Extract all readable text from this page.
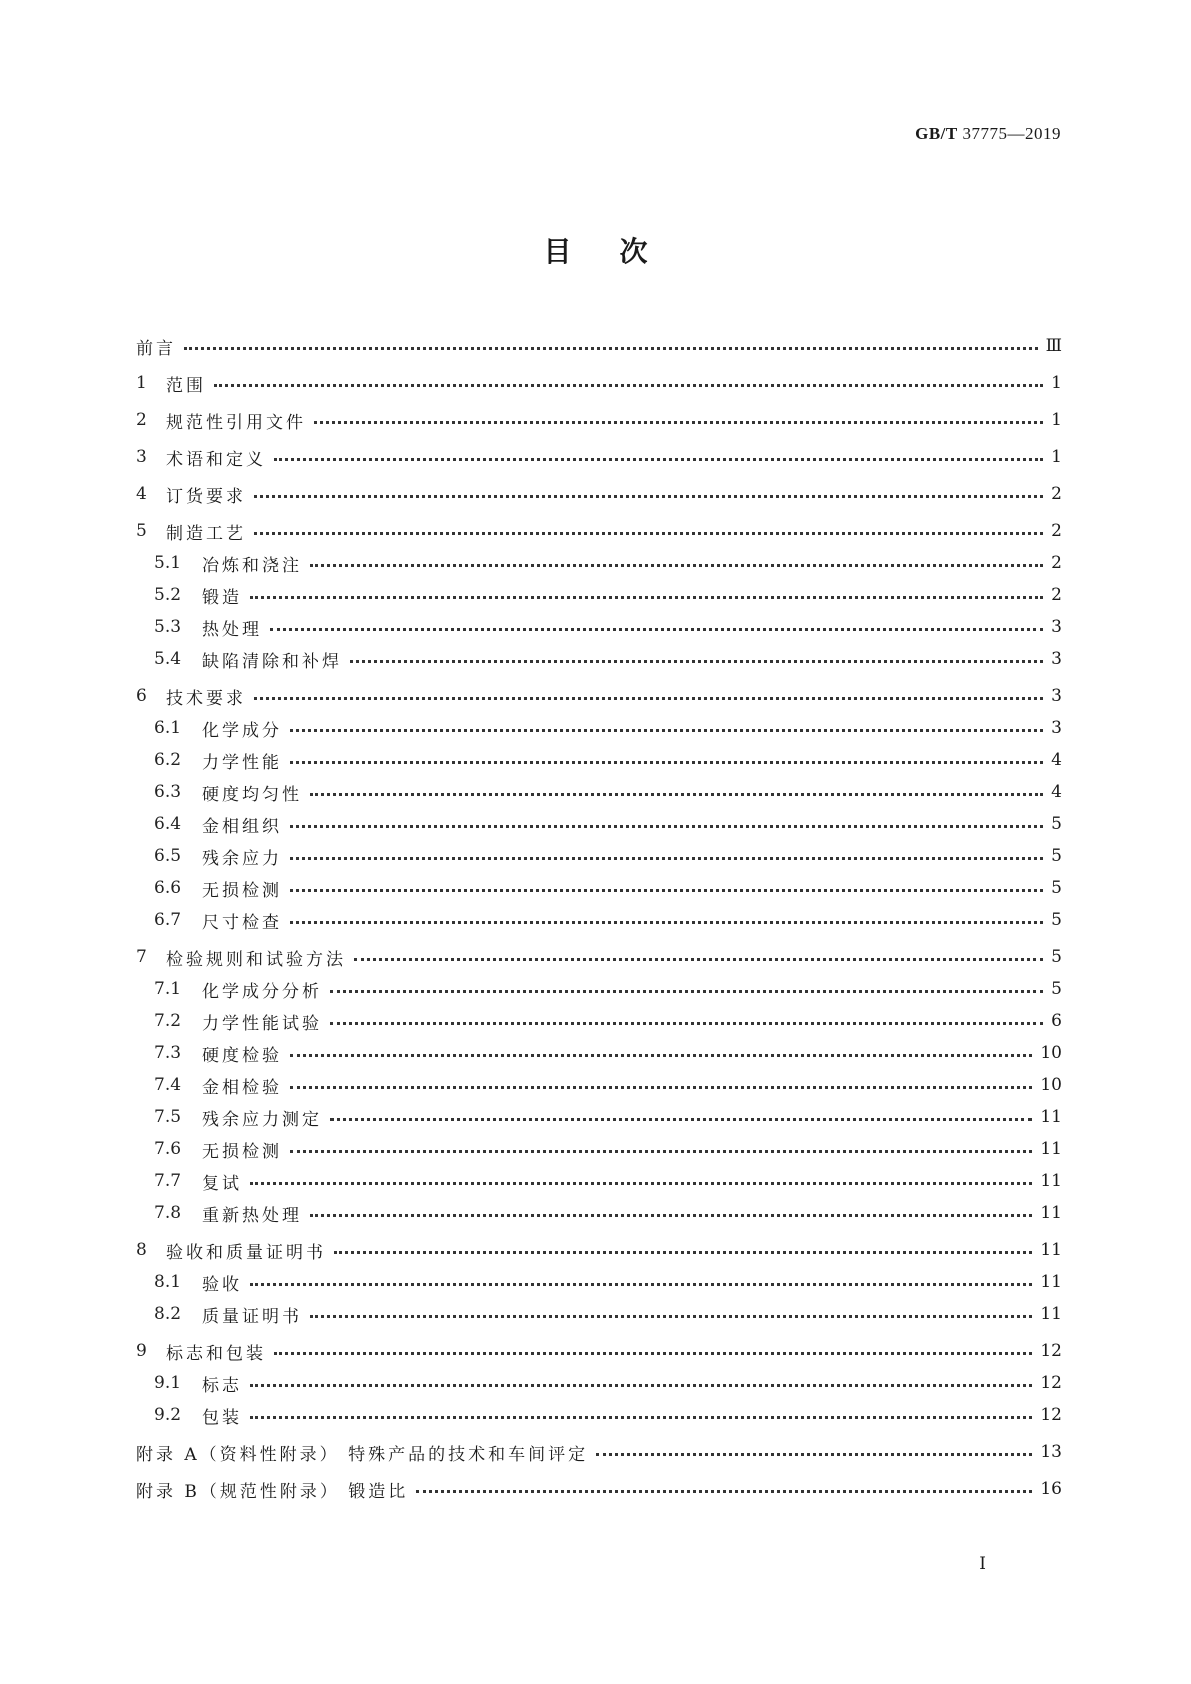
GB/T 37775—2019
目次
前言	Ⅲ
1	范围	1
2	规范性引用文件	1
3	术语和定义	1
4	订货要求	2
5	制造工艺	2
5.1	冶炼和浇注	2
5.2	锻造	2
5.3	热处理	3
5.4	缺陷清除和补焊	3
6	技术要求	3
6.1	化学成分	3
6.2	力学性能	4
6.3	硬度均匀性	4
6.4	金相组织	5
6.5	残余应力	5
6.6	无损检测	5
6.7	尺寸检查	5
7	检验规则和试验方法	5
7.1	化学成分分析	5
7.2	力学性能试验	6
7.3	硬度检验	10
7.4	金相检验	10
7.5	残余应力测定	11
7.6	无损检测	11
7.7	复试	11
7.8	重新热处理	11
8	验收和质量证明书	11
8.1	验收	11
8.2	质量证明书	11
9	标志和包装	12
9.1	标志	12
9.2	包装	12
附录 A（资料性附录） 特殊产品的技术和车间评定	13
附录 B（规范性附录） 锻造比	16
I
